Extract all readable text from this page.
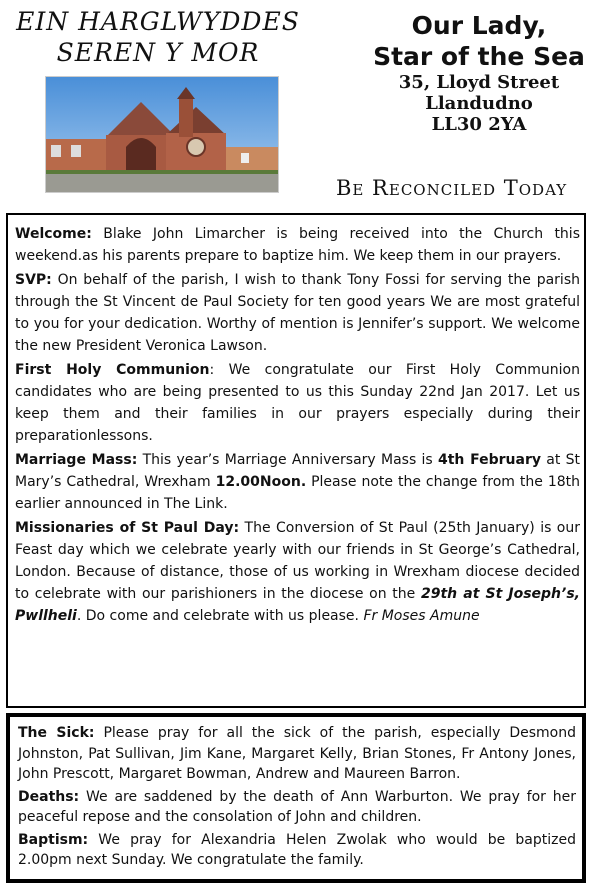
EIN HARGLWYDDES
SEREN Y MOR
Our Lady,
Star of the Sea
35, Lloyd Street
Llandudno
LL30 2YA
Be Reconciled Today

Welcome: Blake John Limarcher is being received into the Church this weekend.as his parents prepare to baptize him. We keep them in our prayers.

SVP: On behalf of the parish, I wish to thank Tony Fossi for serving the parish through the St Vincent de Paul Society for ten good years We are most grateful to you for your dedication. Worthy of mention is Jennifer’s support. We welcome the new President Veronica Lawson.

First Holy Communion: We congratulate our First Holy Communion candidates who are being presented to us this Sunday 22nd Jan 2017. Let us keep them and their families in our prayers especially during their preparationlessons.

Marriage Mass: This year’s Marriage Anniversary Mass is 4th February at St Mary’s Cathedral, Wrexham 12.00Noon. Please note the change from the 18th earlier announced in The Link.

Missionaries of St Paul Day: The Conversion of St Paul (25th January) is our Feast day which we celebrate yearly with our friends in St George’s Cathedral, London. Because of distance, those of us working in Wrexham diocese decided to celebrate with our parishioners in the diocese on the 29th at St Joseph’s, Pwllheli. Do come and celebrate with us please. Fr Moses Amune

The Sick: Please pray for all the sick of the parish, especially Desmond Johnston, Pat Sullivan, Jim Kane, Margaret Kelly, Brian Stones, Fr Antony Jones, John Prescott, Margaret Bowman, Andrew and Maureen Barron.

Deaths: We are saddened by the death of Ann Warburton. We pray for her peaceful repose and the consolation of John and children.

Baptism: We pray for Alexandria Helen Zwolak who would be baptized 2.00pm next Sunday. We congratulate the family.
